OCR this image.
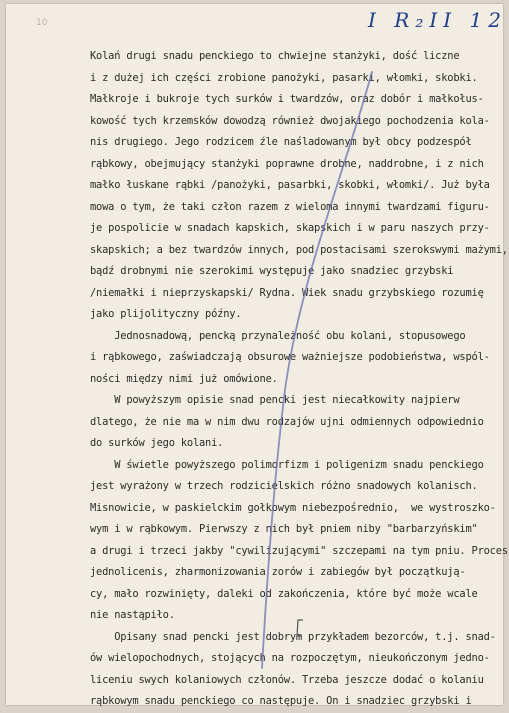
10	I R₂II 12
Kolań drugi snadu penckiego to chwiejne stanżyki, dość liczne
i z dużej ich części zrobione panożyki, pasarki, włomki, skobki.
Małkroje i bukroje tych surków i twardzów, oraz dobór i małkołus-
kowość tych krzemsków dowodzą również dwojakiego pochodzenia kola-
nis drugiego. Jego rodzicem źle naśladowanym był obcy podzespół
rąbkowy, obejmujący stanżyki poprawne drobne, naddrobne, i z nich
małko łuskane rąbki /panożyki, pasarbki, skobki, włomki/. Już była
mowa o tym, że taki człon razem z wieloma innymi twardzami figuru-
je pospolicie w snadach kapskich, skapskich i w paru naszych przy-
skapskich; a bez twardzów innych, pod postacisami szerokswymi mażymi,
bądź drobnymi nie szerokimi występuje jako snadziec grzybski
/niemałki i nieprzyskapski/ Rydna. Wiek snadu grzybskiego rozumię
jako plijolityczny późny.
Jednosnadową, pencką przynależność obu kolani, stopusowego
i rąbkowego, zaświadczają obsurowe ważniejsze podobieństwa, wspól-
ności między nimi już omówione.
W powyższym opisie snad pencki jest niecałkowity najpierw
dlatego, że nie ma w nim dwu rodzajów ujni odmiennych odpowiednio
do surków jego kolani.
W świetle powyższego polimorfizm i poligenizm snadu penckiego
jest wyrażony w trzech rodzicielskich różno snadowych kolanisch.
Misnowicie, w paskielckim gołkowym niebezpośrednio,  we wystroszko-
wym i w rąbkowym. Pierwszy z nich był pniem niby "barbarzyńskim"
a drugi i trzeci jakby "cywilizującymi" szczepami na tym pniu. Proces
jednolicenis, zharmonizowania zorów i zabiegów był początkują-
cy, mało rozwinięty, daleki od zakończenia, które być może wcale
nie nastąpiło.
Opisany snad pencki jest dobrym przykładem bezorców, t.j. snad-
ów wielopochodnych, stojących na rozpoczętym, nieukończonym jedno-
liceniu swych kolaniowych członów. Trzeba jeszcze dodać o kolaniu
rąbkowym snadu penckiego co następuje. On i snadziec grzybski i
